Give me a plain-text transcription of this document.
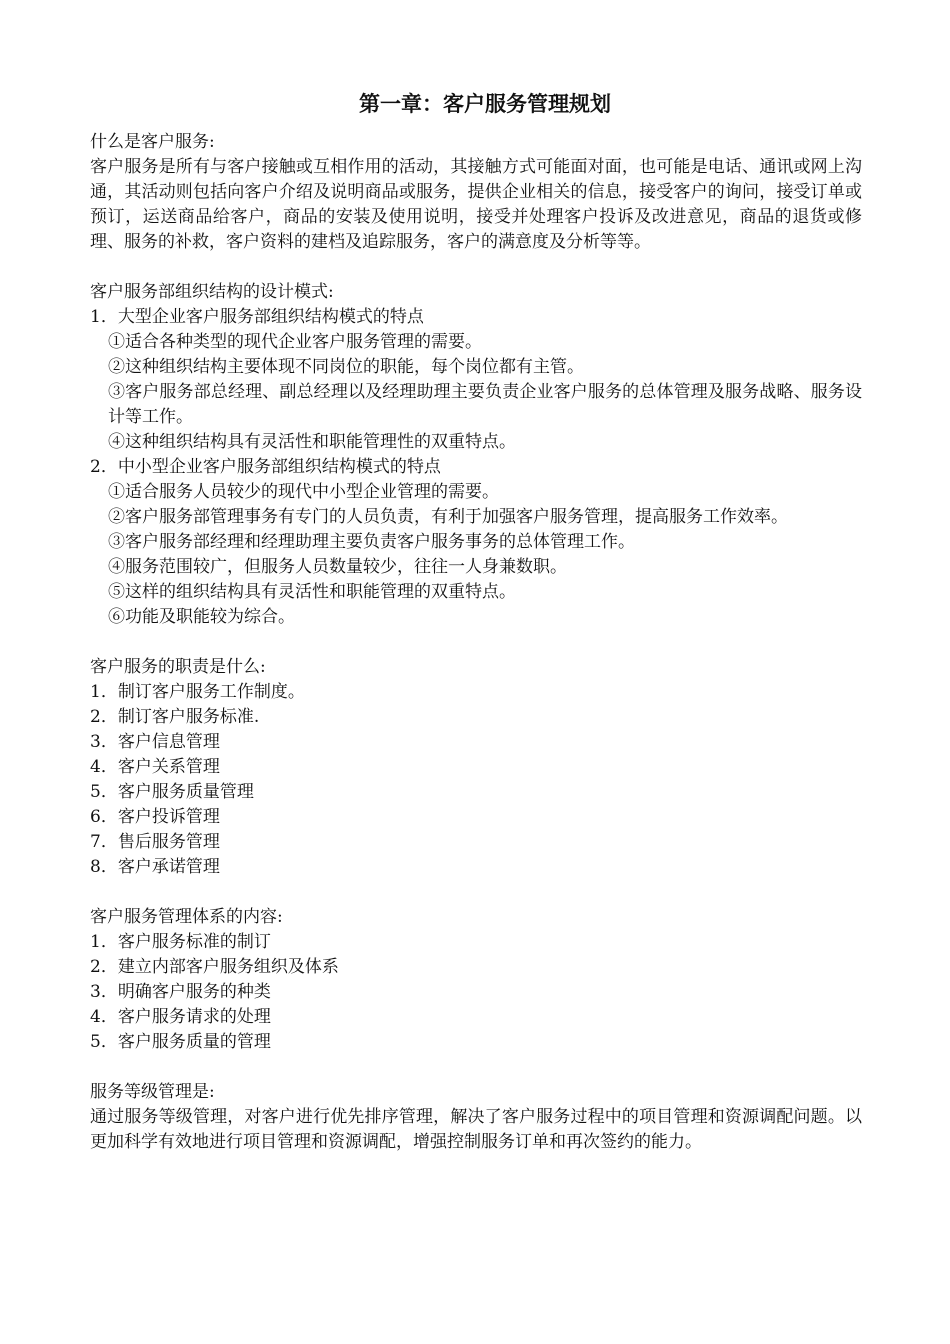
第一章：客户服务管理规划

什么是客户服务:

客户服务是所有与客户接触或互相作用的活动，其接触方式可能面对面，也可能是电话、通讯或网上沟通，其活动则包括向客户介绍及说明商品或服务，提供企业相关的信息，接受客户的询问，接受订单或预订，运送商品给客户，商品的安装及使用说明，接受并处理客户投诉及改进意见，商品的退货或修理、服务的补救，客户资料的建档及追踪服务，客户的满意度及分析等等。

客户服务部组织结构的设计模式:

1．大型企业客户服务部组织结构模式的特点

①适合各种类型的现代企业客户服务管理的需要。

②这种组织结构主要体现不同岗位的职能，每个岗位都有主管。

③客户服务部总经理、副总经理以及经理助理主要负责企业客户服务的总体管理及服务战略、服务设计等工作。

④这种组织结构具有灵活性和职能管理性的双重特点。

2．中小型企业客户服务部组织结构模式的特点

①适合服务人员较少的现代中小型企业管理的需要。

②客户服务部管理事务有专门的人员负责，有利于加强客户服务管理，提高服务工作效率。

③客户服务部经理和经理助理主要负责客户服务事务的总体管理工作。

④服务范围较广，但服务人员数量较少，往往一人身兼数职。

⑤这样的组织结构具有灵活性和职能管理的双重特点。

⑥功能及职能较为综合。

客户服务的职责是什么:

1．制订客户服务工作制度。

2．制订客户服务标准.

3．客户信息管理

4．客户关系管理

5．客户服务质量管理

6．客户投诉管理

7．售后服务管理

8．客户承诺管理

客户服务管理体系的内容:

1．客户服务标准的制订

2．建立内部客户服务组织及体系

3．明确客户服务的种类

4．客户服务请求的处理

5．客户服务质量的管理

服务等级管理是:

通过服务等级管理，对客户进行优先排序管理，解决了客户服务过程中的项目管理和资源调配问题。以更加科学有效地进行项目管理和资源调配，增强控制服务订单和再次签约的能力。
